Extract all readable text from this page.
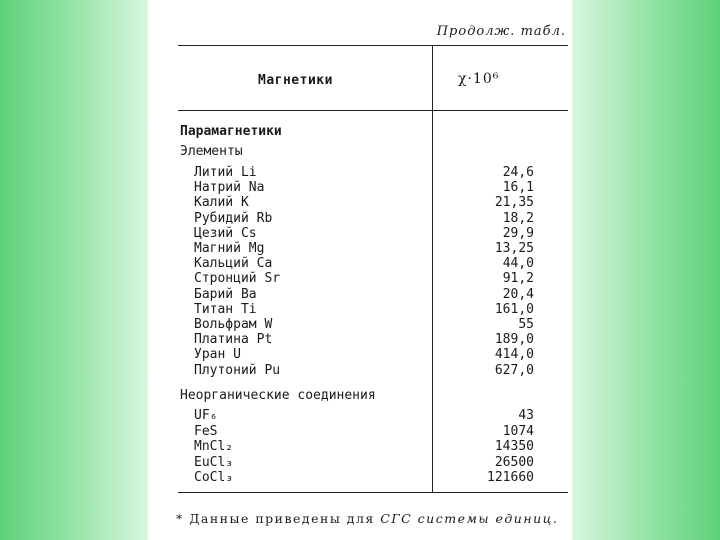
Продолж. табл.
Магнетики	χ·10⁶
Парамагнетики
Элементы
Литий Li	24,6
Натрий Na	16,1
Калий K	21,35
Рубидий Rb	18,2
Цезий Cs	29,9
Магний Mg	13,25
Кальций Ca	44,0
Стронций Sr	91,2
Барий Ba	20,4
Титан Ti	161,0
Вольфрам W	55
Платина Pt	189,0
Уран U	414,0
Плутоний Pu	627,0
Неорганические соединения
UF₆	43
FeS	1074
MnCl₂	14350
EuCl₃	26500
CoCl₃	121660
* Данные приведены для СГС системы единиц.
